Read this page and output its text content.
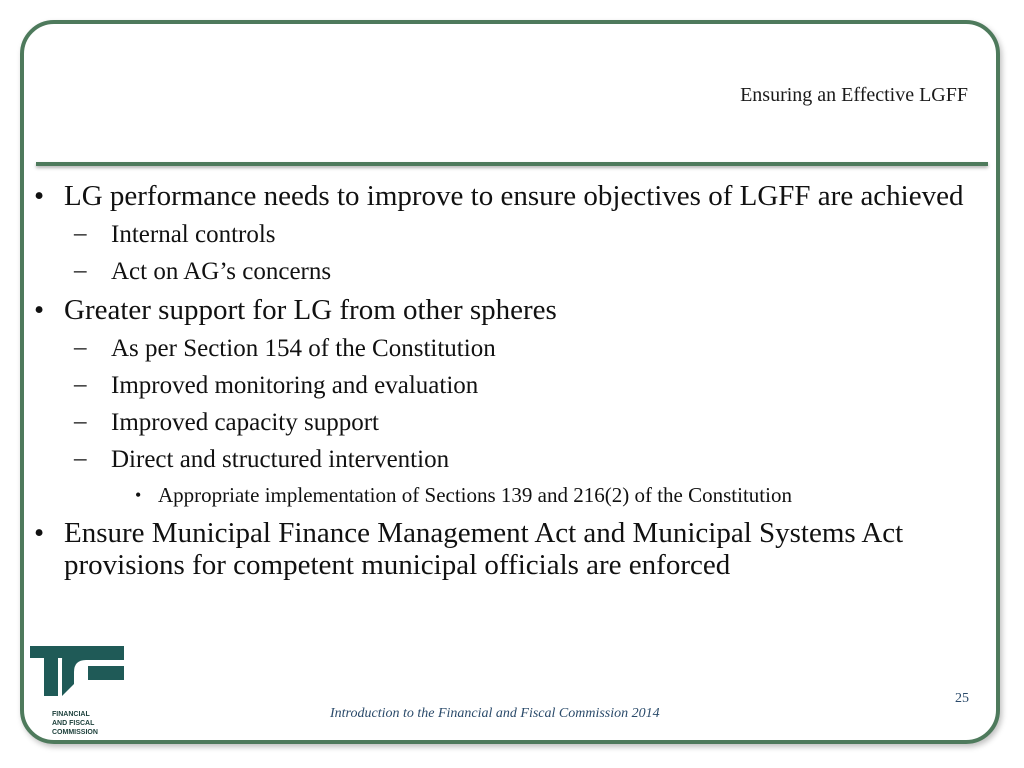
Ensuring an Effective LGFF
• LG performance needs to improve to ensure objectives of LGFF are achieved
– Internal controls
– Act on AG’s concerns
• Greater support for LG from other spheres
– As per Section 154 of the Constitution
– Improved monitoring and evaluation
– Improved capacity support
– Direct and structured intervention
• Appropriate implementation of Sections 139 and 216(2) of the Constitution
• Ensure Municipal Finance Management Act and Municipal Systems Act provisions for competent municipal officials are enforced
FINANCIAL
AND FISCAL
COMMISSION
Introduction to the Financial and Fiscal Commission 2014
25
